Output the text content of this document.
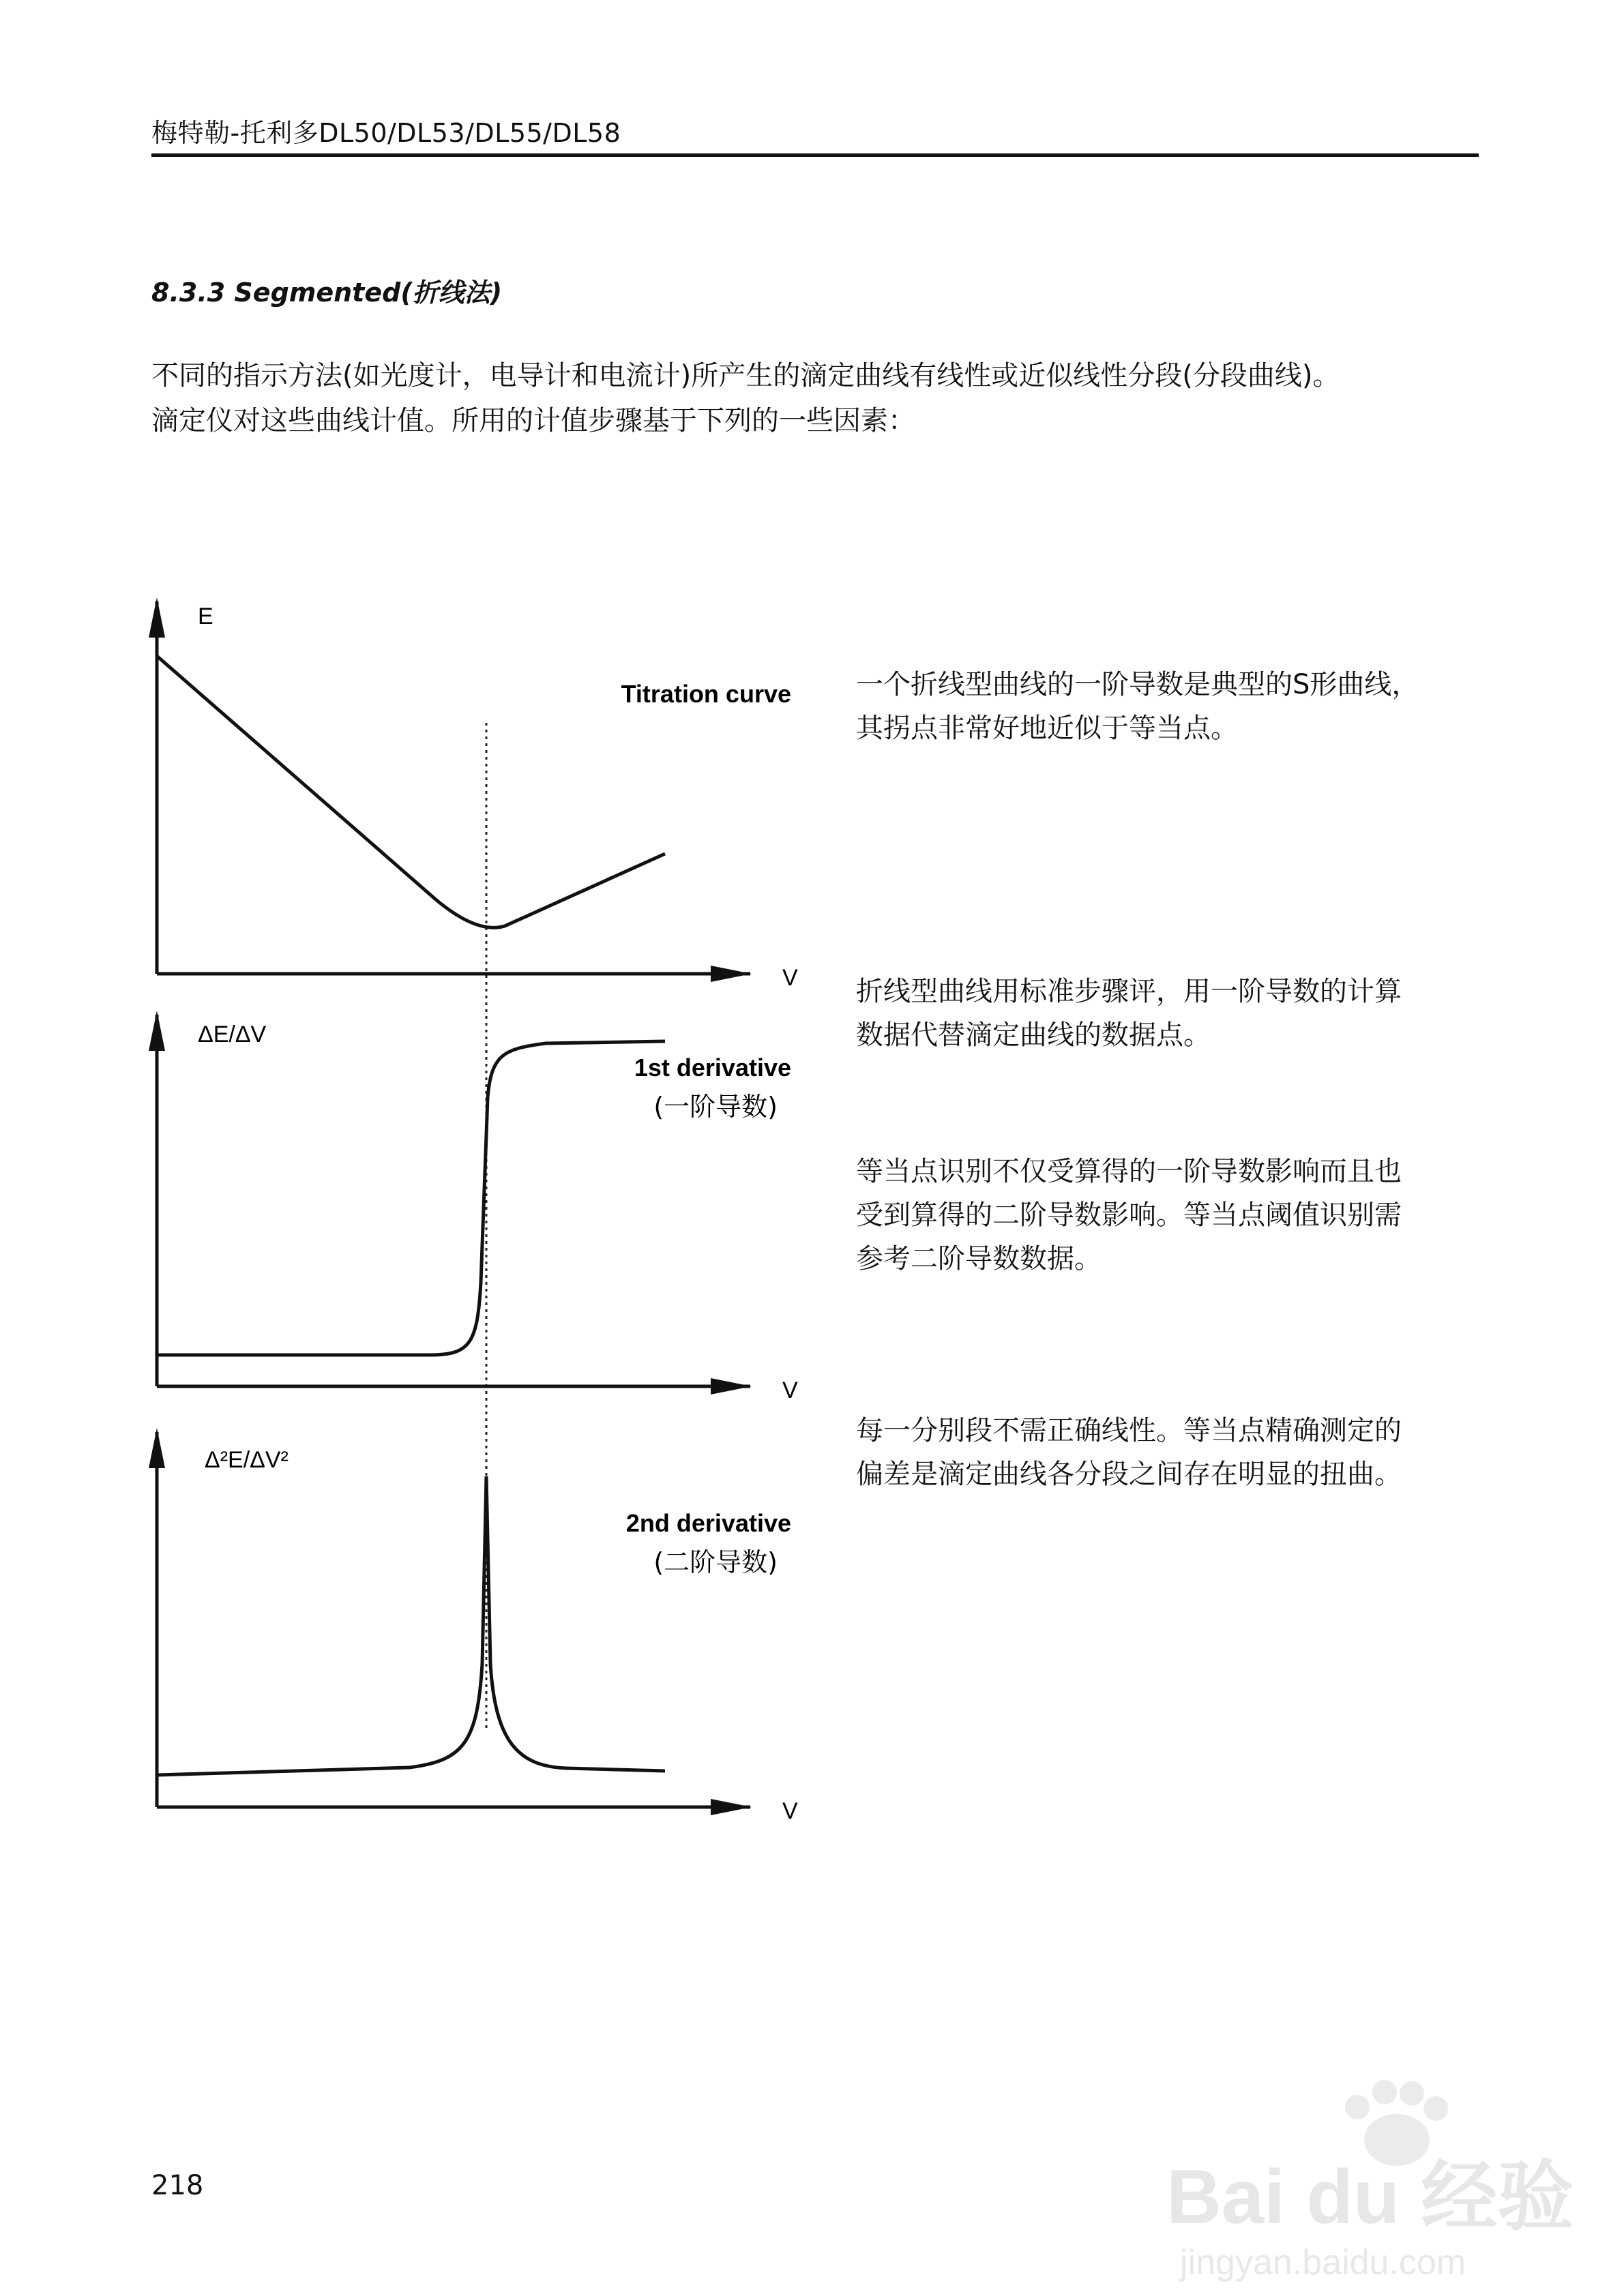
梅特勒-托利多DL50/DL53/DL55/DL58
8.3.3 Segmented(折线法)

不同的指示方法(如光度计，电导计和电流计)所产生的滴定曲线有线性或近似线性分段(分段曲线)。

滴定仪对这些曲线计值。所用的计值步骤基于下列的一些因素：

E
V
Titration curve
ΔE/ΔV
V
1st derivative
(一阶导数)
Δ²E/ΔV²
V
2nd derivative
(二阶导数)

一个折线型曲线的一阶导数是典型的S形曲线，

其拐点非常好地近似于等当点。

折线型曲线用标准步骤评，用一阶导数的计算

数据代替滴定曲线的数据点。

等当点识别不仅受算得的一阶导数影响而且也

受到算得的二阶导数影响。等当点阈值识别需

参考二阶导数数据。

每一分别段不需正确线性。等当点精确测定的

偏差是滴定曲线各分段之间存在明显的扭曲。

218	Bai du 经验
jingyan.baidu.com
